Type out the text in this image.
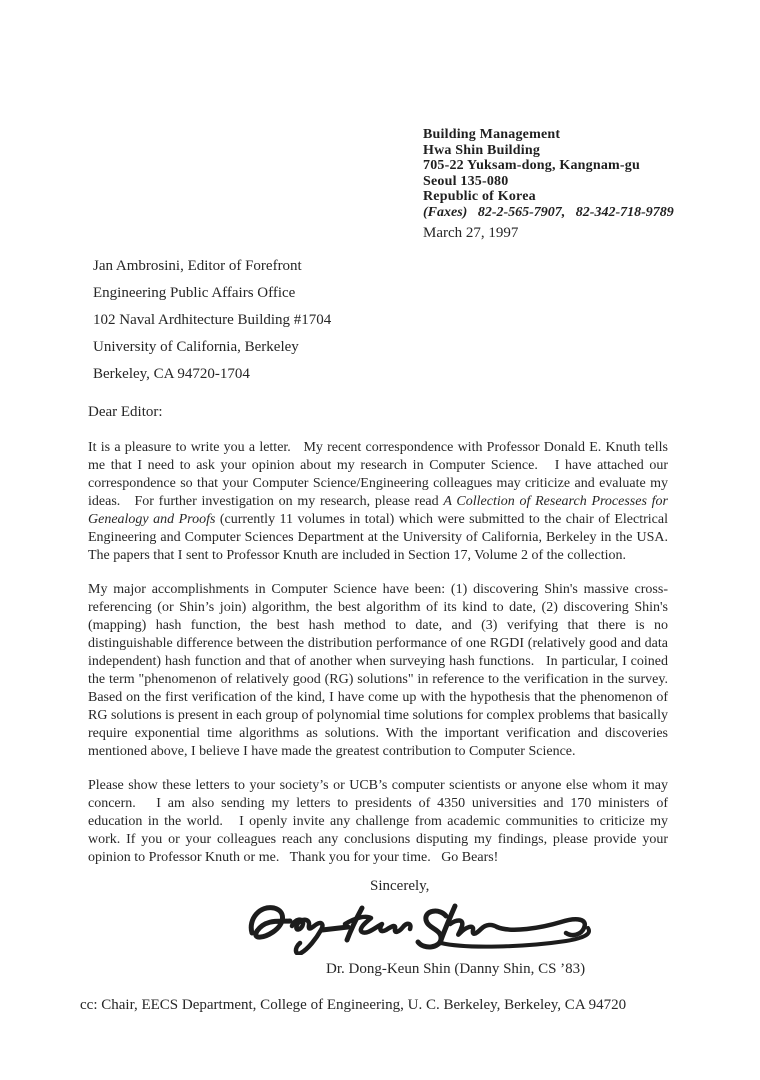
Building Management
Hwa Shin Building
705-22 Yuksam-dong, Kangnam-gu
Seoul 135-080
Republic of Korea
(Faxes)   82-2-565-7907,   82-342-718-9789
March 27, 1997
Jan Ambrosini, Editor of Forefront
Engineering Public Affairs Office
102 Naval Ardhitecture Building #1704
University of California, Berkeley
Berkeley, CA 94720-1704
Dear Editor:
It is a pleasure to write you a letter.   My recent correspondence with Professor Donald E. Knuth tells me that I need to ask your opinion about my research in Computer Science.   I have attached our correspondence so that your Computer Science/Engineering colleagues may criticize and evaluate my ideas.   For further investigation on my research, please read A Collection of Research Processes for Genealogy and Proofs (currently 11 volumes in total) which were submitted to the chair of Electrical Engineering and Computer Sciences Department at the University of California, Berkeley in the USA. The papers that I sent to Professor Knuth are included in Section 17, Volume 2 of the collection.
My major accomplishments in Computer Science have been: (1) discovering Shin's massive cross-referencing (or Shin’s join) algorithm, the best algorithm of its kind to date, (2) discovering Shin's (mapping) hash function, the best hash method to date, and (3) verifying that there is no distinguishable difference between the distribution performance of one RGDI (relatively good and data independent) hash function and that of another when surveying hash functions.   In particular, I coined the term "phenomenon of relatively good (RG) solutions" in reference to the verification in the survey.   Based on the first verification of the kind, I have come up with the hypothesis that the phenomenon of RG solutions is present in each group of polynomial time solutions for complex problems that basically require exponential time algorithms as solutions. With the important verification and discoveries mentioned above, I believe I have made the greatest contribution to Computer Science.
Please show these letters to your society’s or UCB’s computer scientists or anyone else whom it may concern.   I am also sending my letters to presidents of 4350 universities and 170 ministers of education in the world.   I openly invite any challenge from academic communities to criticize my work. If you or your colleagues reach any conclusions disputing my findings, please provide your opinion to Professor Knuth or me.   Thank you for your time.   Go Bears!
Sincerely,
Dr. Dong-Keun Shin (Danny Shin, CS ’83)
cc: Chair, EECS Department, College of Engineering, U. C. Berkeley, Berkeley, CA 94720
